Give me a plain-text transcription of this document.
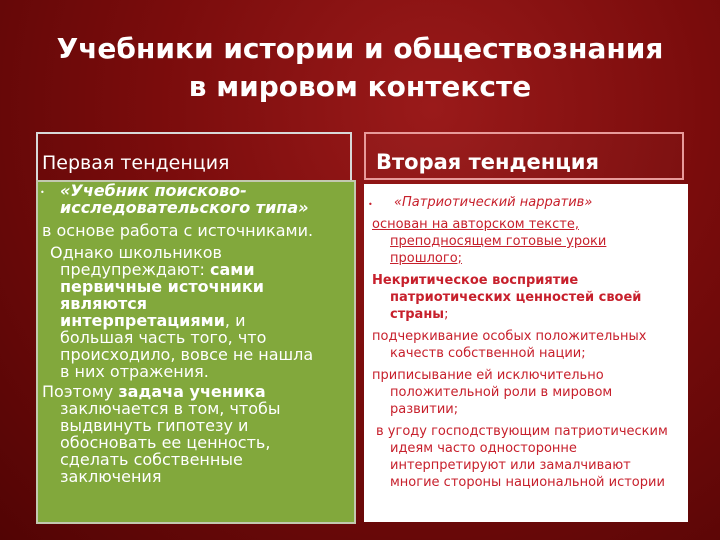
Учебники истории и обществознания
в мировом контексте
Первая тенденция
• «Учебник поисково-
исследовательского типа»
в основе работа с источниками.
Однако школьников
предупреждают: сами
первичные источники
являются
интерпретациями, и
большая часть того, что
происходило, вовсе не нашла
в них отражения.
Поэтому задача ученика
заключается в том, чтобы
выдвинуть гипотезу и
обосновать ее ценность,
сделать собственные
заключения
Вторая тенденция
• «Патриотический нарратив»
основан на авторском тексте,
преподносящем готовые уроки
прошлого;
Некритическое восприятие
патриотических ценностей своей
страны;
подчеркивание особых положительных
качеств собственной нации;
приписывание ей исключительно
положительной роли в мировом
развитии;
в угоду господствующим патриотическим
идеям часто односторонне
интерпретируют или замалчивают
многие стороны национальной истории
